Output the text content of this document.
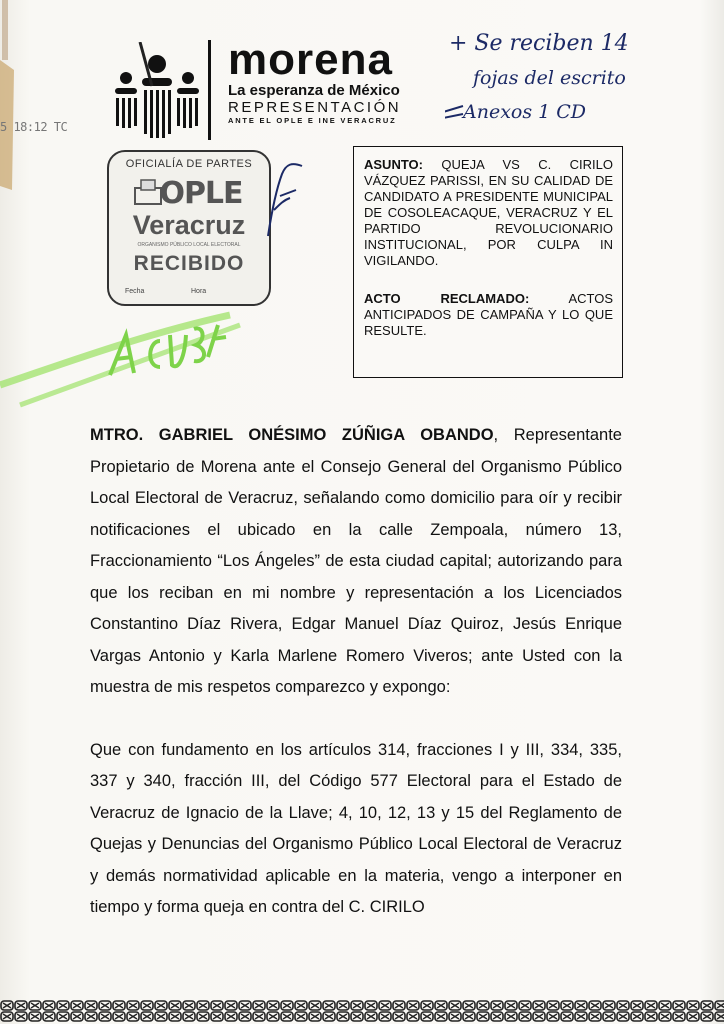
5 18:12 TC

morena

La esperanza de México

REPRESENTACIÓN

ANTE EL OPLE E INE VERACRUZ

+ Se reciben 14
fojas del escrito
Anexos 1 CD
OFICIALÍA DE PARTES
OPLE
Veracruz
ORGANISMO PÚBLICO LOCAL ELECTORAL
RECIBIDO
Fecha	Hora

ASUNTO: QUEJA VS C. CIRILO VÁZQUEZ PARISSI, EN SU CALIDAD DE CANDIDATO A PRESIDENTE MUNICIPAL DE COSOLEACAQUE, VERACRUZ Y EL PARTIDO REVOLUCIONARIO INSTITUCIONAL, POR CULPA IN VIGILANDO.

ACTO RECLAMADO:	ACTOS ANTICIPADOS DE CAMPAÑA Y LO QUE RESULTE.

MTRO. GABRIEL ONÉSIMO ZÚÑIGA OBANDO, Representante Propietario de Morena ante el Consejo General del Organismo Público Local Electoral de Veracruz, señalando como domicilio para oír y recibir notificaciones el ubicado en la calle Zempoala, número 13, Fraccionamiento “Los Ángeles” de esta ciudad capital; autorizando para que los reciban en mi nombre y representación a los Licenciados Constantino Díaz Rivera, Edgar Manuel Díaz Quiroz, Jesús Enrique Vargas Antonio y Karla Marlene Romero Viveros; ante Usted con la muestra de mis respetos comparezco y expongo:

Que con fundamento en los artículos 314, fracciones I y III, 334, 335, 337 y 340, fracción III, del Código 577 Electoral para el Estado de Veracruz de Ignacio de la Llave; 4, 10, 12, 13 y 15 del Reglamento de Quejas y Denuncias del Organismo Público Local Electoral de Veracruz y demás normatividad aplicable en la materia, vengo a interponer en tiempo y forma queja en contra del C. CIRILO
